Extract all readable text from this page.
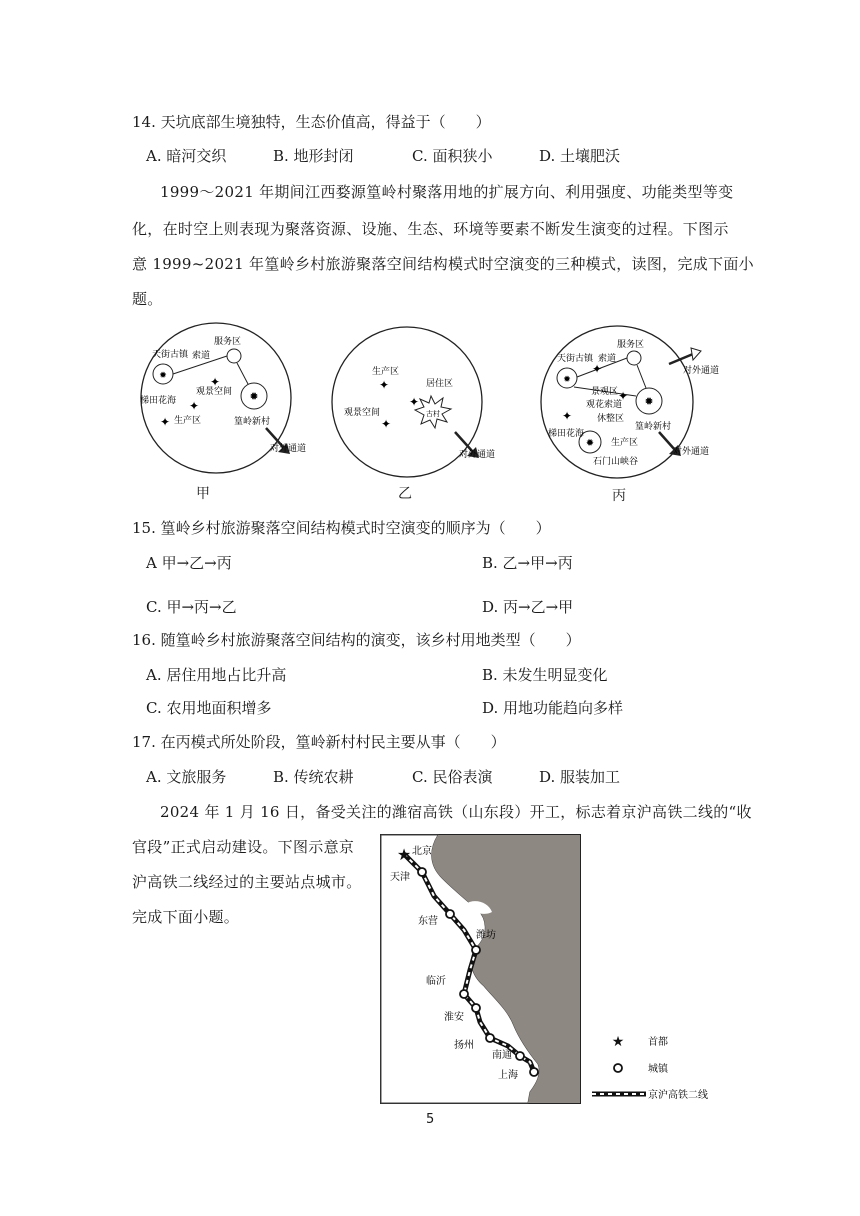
14. 天坑底部生境独特，生态价值高，得益于（　　）
A. 暗河交织	B. 地形封闭	C. 面积狭小	D. 土壤肥沃
1999～2021 年期间江西婺源篁岭村聚落用地的扩展方向、利用强度、功能类型等变
化，在时空上则表现为聚落资源、设施、生态、环境等要素不断发生演变的过程。下图示
意 1999~2021 年篁岭乡村旅游聚落空间结构模式时空演变的三种模式，读图，完成下面小
题。
✹
✹
✦
✦
✦
服务区
天街古镇 索道
观景空间
梯田花海
生产区	篁岭新村
对外通道
甲
✦
✦
✦
生产区
居住区
观景空间	古村
对外通道
乙
✹
✹
✹
✦
✦
✦
服务区
天街古镇 索道
对外通道
景观区
观花索道
休整区
梯田花海
篁岭新村
生产区
石门山峡谷
对外通道
丙
15. 篁岭乡村旅游聚落空间结构模式时空演变的顺序为（　　）
A 甲→乙→丙	B. 乙→甲→丙
C. 甲→丙→乙	D. 丙→乙→甲
16. 随篁岭乡村旅游聚落空间结构的演变，该乡村用地类型（　　）
A. 居住用地占比升高	B. 未发生明显变化
C. 农用地面积增多	D. 用地功能趋向多样
17. 在丙模式所处阶段，篁岭新村村民主要从事（　　）
A. 文旅服务	B. 传统农耕	C. 民俗表演	D. 服装加工
2024 年 1 月 16 日，备受关注的潍宿高铁（山东段）开工，标志着京沪高铁二线的“收
官段”正式启动建设。下图示意京
沪高铁二线经过的主要站点城市。
完成下面小题。
★ 北京
天津
东营
潍坊
临沂
淮安
扬州
南通
上海
★ 首都
城镇
京沪高铁二线
5
